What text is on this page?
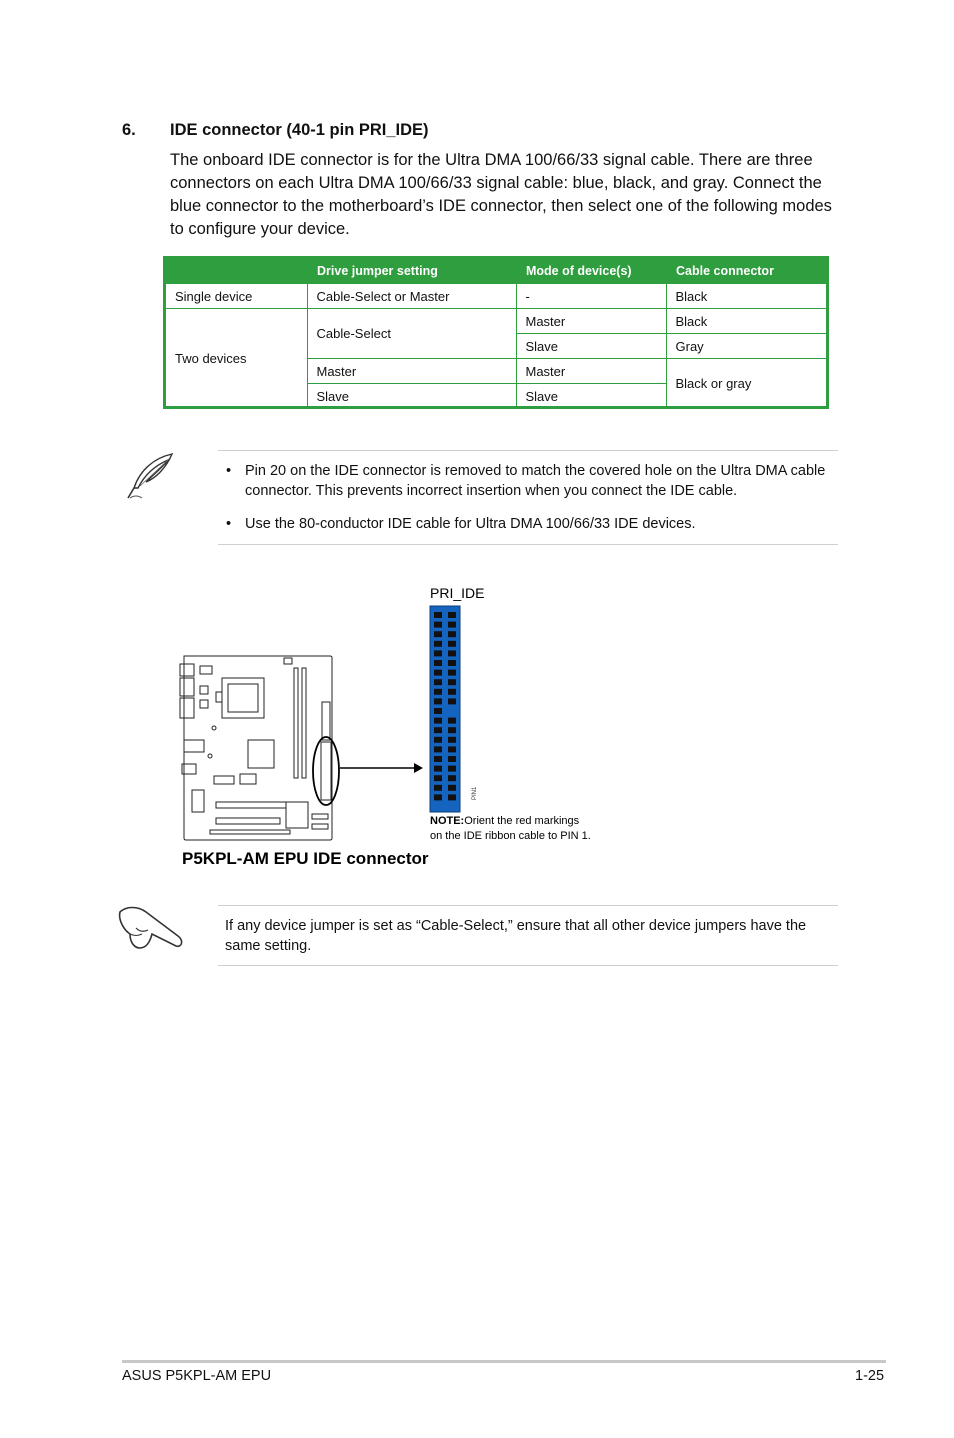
6. IDE connector (40-1 pin PRI_IDE)
The onboard IDE connector is for the Ultra DMA 100/66/33 signal cable. There are three connectors on each Ultra DMA 100/66/33 signal cable: blue, black, and gray. Connect the blue connector to the motherboard’s IDE connector, then select one of the following modes to configure your device.
	Drive jumper setting	Mode of device(s)	Cable connector
Single device	Cable-Select or Master	-	Black
Two devices	Cable-Select	Master	Black
		Slave	Gray
	Master	Master	Black or gray
	Slave	Slave	
• Pin 20 on the IDE connector is removed to match the covered hole on the Ultra DMA cable connector. This prevents incorrect insertion when you connect the IDE cable.
• Use the 80-conductor IDE cable for Ultra DMA 100/66/33 IDE devices.
PRI_IDE
PIN1
NOTE:Orient the red markings
on the IDE ribbon cable to PIN 1.
P5KPL-AM EPU IDE connector
If any device jumper is set as “Cable-Select,” ensure that all other device jumpers have the same setting.
ASUS P5KPL-AM EPU	1-25
